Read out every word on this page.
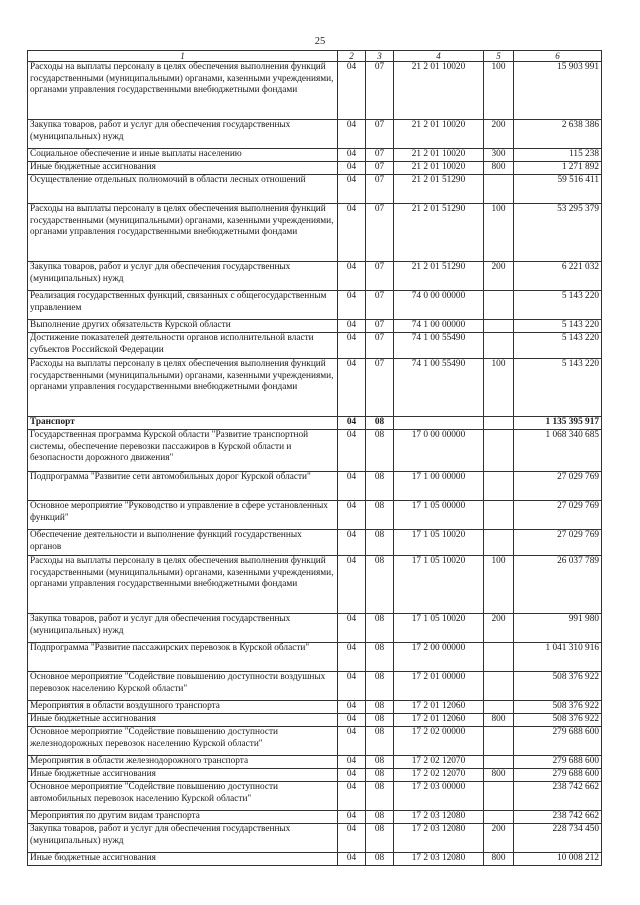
25
1	2	3	4	5	6
Расходы на выплаты персоналу в целях обеспечения выполнения функций государственными (муниципальными) органами, казенными учреждениями, органами управления государственными внебюджетными фондами	04	07	21 2 01 10020	100	15 903 991
Закупка товаров, работ и услуг для обеспечения государственных (муниципальных) нужд	04	07	21 2 01 10020	200	2 638 386
Социальное обеспечение и иные выплаты населению	04	07	21 2 01 10020	300	115 238
Иные бюджетные ассигнования	04	07	21 2 01 10020	800	1 271 892
Осуществление отдельных полномочий в области лесных отношений	04	07	21 2 01 51290		59 516 411
Расходы на выплаты персоналу в целях обеспечения выполнения функций государственными (муниципальными) органами, казенными учреждениями, органами управления государственными внебюджетными фондами	04	07	21 2 01 51290	100	53 295 379
Закупка товаров, работ и услуг для обеспечения государственных (муниципальных) нужд	04	07	21 2 01 51290	200	6 221 032
Реализация государственных функций, связанных с общегосударственным управлением	04	07	74 0 00 00000		5 143 220
Выполнение других обязательств Курской области	04	07	74 1 00 00000		5 143 220
Достижение показателей деятельности органов исполнительной власти субъектов Российской Федерации	04	07	74 1 00 55490		5 143 220
Расходы на выплаты персоналу в целях обеспечения выполнения функций государственными (муниципальными) органами, казенными учреждениями, органами управления государственными внебюджетными фондами	04	07	74 1 00 55490	100	5 143 220
Транспорт	04	08			1 135 395 917
Государственная программа Курской области "Развитие транспортной системы, обеспечение перевозки пассажиров в Курской области и безопасности дорожного движения"	04	08	17 0 00 00000		1 068 340 685
Подпрограмма "Развитие сети автомобильных дорог Курской области"	04	08	17 1 00 00000		27 029 769
Основное мероприятие "Руководство и управление в сфере установленных функций"	04	08	17 1 05 00000		27 029 769
Обеспечение деятельности и выполнение функций государственных органов	04	08	17 1 05 10020		27 029 769
Расходы на выплаты персоналу в целях обеспечения выполнения функций государственными (муниципальными) органами, казенными учреждениями, органами управления государственными внебюджетными фондами	04	08	17 1 05 10020	100	26 037 789
Закупка товаров, работ и услуг для обеспечения государственных (муниципальных) нужд	04	08	17 1 05 10020	200	991 980
Подпрограмма "Развитие пассажирских перевозок в Курской области"	04	08	17 2 00 00000		1 041 310 916
Основное мероприятие "Содействие повышению доступности воздушных перевозок населению Курской области"	04	08	17 2 01 00000		508 376 922
Мероприятия в области воздушного транспорта	04	08	17 2 01 12060		508 376 922
Иные бюджетные ассигнования	04	08	17 2 01 12060	800	508 376 922
Основное мероприятие "Содействие повышению доступности железнодорожных перевозок населению Курской области"	04	08	17 2 02 00000		279 688 600
Мероприятия в области железнодорожного транспорта	04	08	17 2 02 12070		279 688 600
Иные бюджетные ассигнования	04	08	17 2 02 12070	800	279 688 600
Основное мероприятие "Содействие повышению доступности автомобильных перевозок населению Курской области"	04	08	17 2 03 00000		238 742 662
Мероприятия по другим видам транспорта	04	08	17 2 03 12080		238 742 662
Закупка товаров, работ и услуг для обеспечения государственных (муниципальных) нужд	04	08	17 2 03 12080	200	228 734 450
Иные бюджетные ассигнования	04	08	17 2 03 12080	800	10 008 212
